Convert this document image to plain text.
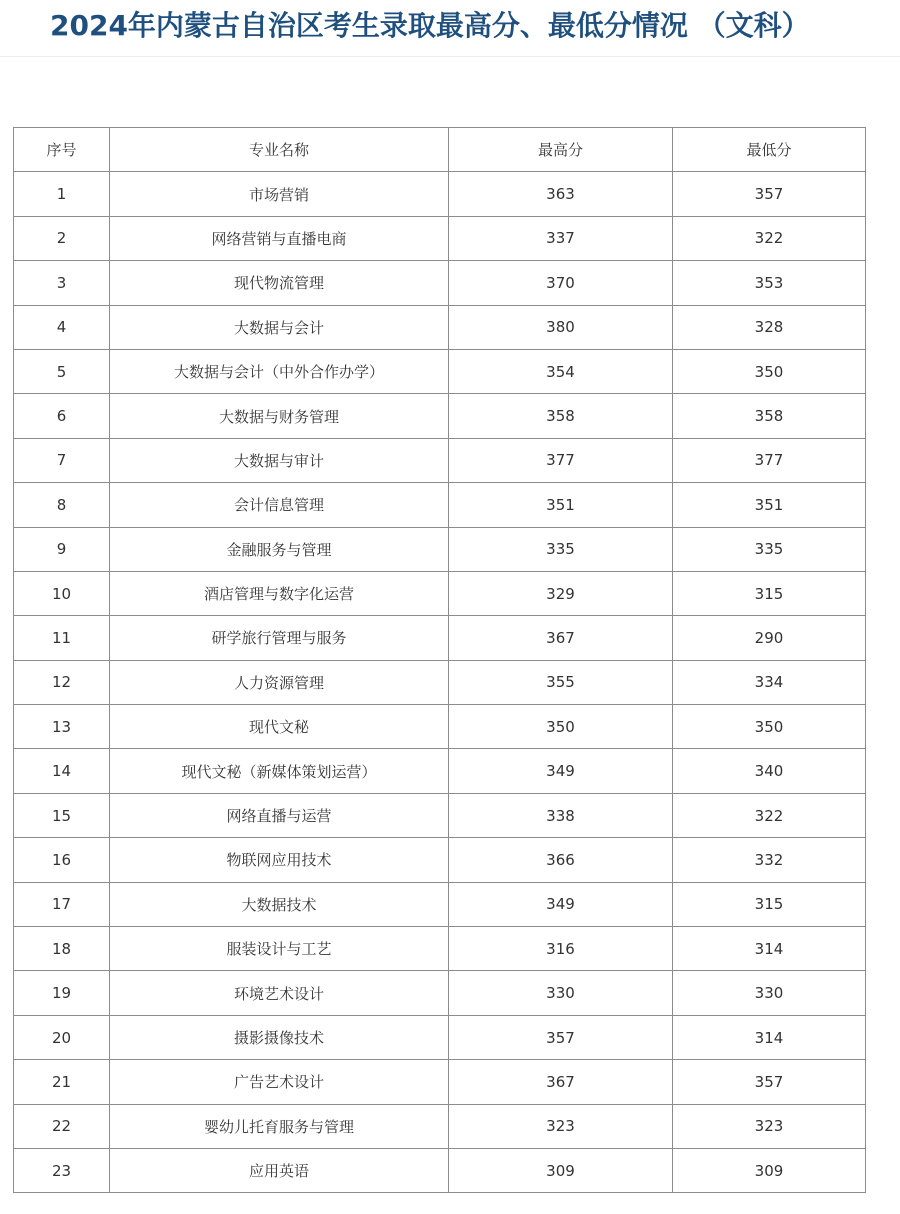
2024年内蒙古自治区考生录取最高分、最低分情况 （文科）
序号	专业名称	最高分	最低分
1	市场营销	363	357
2	网络营销与直播电商	337	322
3	现代物流管理	370	353
4	大数据与会计	380	328
5	大数据与会计（中外合作办学）	354	350
6	大数据与财务管理	358	358
7	大数据与审计	377	377
8	会计信息管理	351	351
9	金融服务与管理	335	335
10	酒店管理与数字化运营	329	315
11	研学旅行管理与服务	367	290
12	人力资源管理	355	334
13	现代文秘	350	350
14	现代文秘（新媒体策划运营）	349	340
15	网络直播与运营	338	322
16	物联网应用技术	366	332
17	大数据技术	349	315
18	服装设计与工艺	316	314
19	环境艺术设计	330	330
20	摄影摄像技术	357	314
21	广告艺术设计	367	357
22	婴幼儿托育服务与管理	323	323
23	应用英语	309	309
